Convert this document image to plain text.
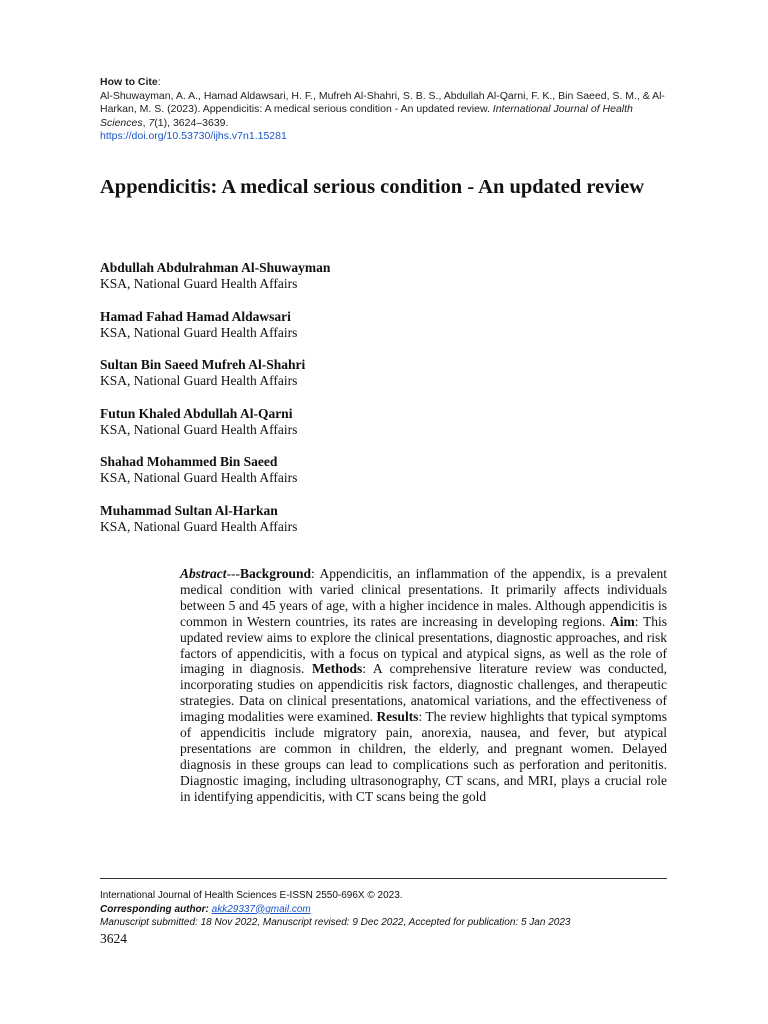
How to Cite:
Al-Shuwayman, A. A., Hamad Aldawsari, H. F., Mufreh Al-Shahri, S. B. S., Abdullah Al-Qarni, F. K., Bin Saeed, S. M., & Al-Harkan, M. S. (2023). Appendicitis: A medical serious condition - An updated review. International Journal of Health Sciences, 7(1), 3624–3639.
https://doi.org/10.53730/ijhs.v7n1.15281
Appendicitis: A medical serious condition - An updated review
Abdullah Abdulrahman Al-Shuwayman
KSA, National Guard Health Affairs
Hamad Fahad Hamad Aldawsari
KSA, National Guard Health Affairs
Sultan Bin Saeed Mufreh Al-Shahri
KSA, National Guard Health Affairs
Futun Khaled Abdullah Al-Qarni
KSA, National Guard Health Affairs
Shahad Mohammed Bin Saeed
KSA, National Guard Health Affairs
Muhammad Sultan Al-Harkan
KSA, National Guard Health Affairs

Abstract---Background: Appendicitis, an inflammation of the appendix, is a prevalent medical condition with varied clinical presentations. It primarily affects individuals between 5 and 45 years of age, with a higher incidence in males. Although appendicitis is common in Western countries, its rates are increasing in developing regions. Aim: This updated review aims to explore the clinical presentations, diagnostic approaches, and risk factors of appendicitis, with a focus on typical and atypical signs, as well as the role of imaging in diagnosis. Methods: A comprehensive literature review was conducted, incorporating studies on appendicitis risk factors, diagnostic challenges, and therapeutic strategies. Data on clinical presentations, anatomical variations, and the effectiveness of imaging modalities were examined. Results: The review highlights that typical symptoms of appendicitis include migratory pain, anorexia, nausea, and fever, but atypical presentations are common in children, the elderly, and pregnant women. Delayed diagnosis in these groups can lead to complications such as perforation and peritonitis. Diagnostic imaging, including ultrasonography, CT scans, and MRI, plays a crucial role in identifying appendicitis, with CT scans being the gold

International Journal of Health Sciences E-ISSN 2550-696X © 2023.
Corresponding author: akk29337@gmail.com
Manuscript submitted: 18 Nov 2022, Manuscript revised: 9 Dec 2022, Accepted for publication: 5 Jan 2023
3624
